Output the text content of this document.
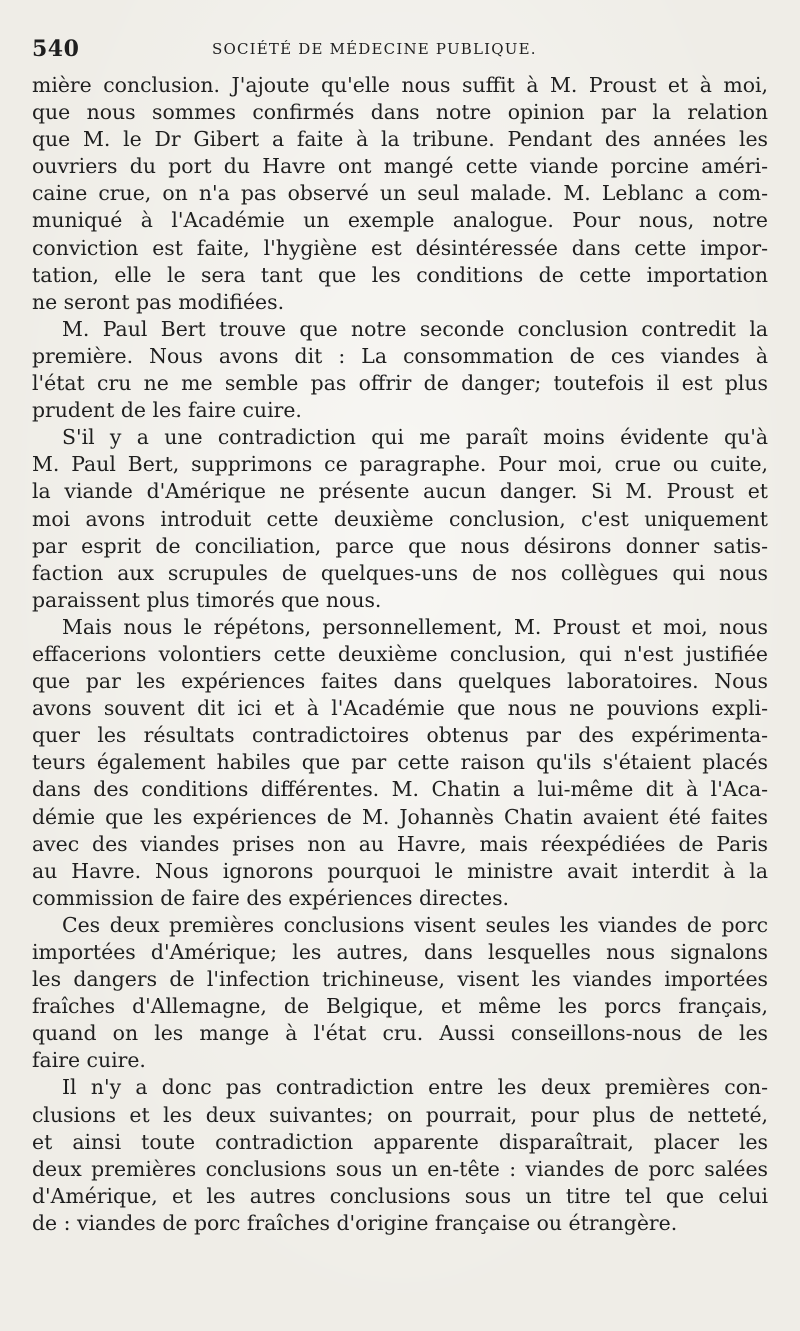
540	SOCIÉTÉ DE MÉDECINE PUBLIQUE.
mière conclusion. J'ajoute qu'elle nous suffit à M. Proust et à moi,
que nous sommes confirmés dans notre opinion par la relation
que M. le Dr Gibert a faite à la tribune. Pendant des années les
ouvriers du port du Havre ont mangé cette viande porcine améri-
caine crue, on n'a pas observé un seul malade. M. Leblanc a com-
muniqué à l'Académie un exemple analogue. Pour nous, notre
conviction est faite, l'hygiène est désintéressée dans cette impor-
tation, elle le sera tant que les conditions de cette importation
ne seront pas modifiées.
M. Paul Bert trouve que notre seconde conclusion contredit la
première. Nous avons dit : La consommation de ces viandes à
l'état cru ne me semble pas offrir de danger; toutefois il est plus
prudent de les faire cuire.
S'il y a une contradiction qui me paraît moins évidente qu'à
M. Paul Bert, supprimons ce paragraphe. Pour moi, crue ou cuite,
la viande d'Amérique ne présente aucun danger. Si M. Proust et
moi avons introduit cette deuxième conclusion, c'est uniquement
par esprit de conciliation, parce que nous désirons donner satis-
faction aux scrupules de quelques-uns de nos collègues qui nous
paraissent plus timorés que nous.
Mais nous le répétons, personnellement, M. Proust et moi, nous
effacerions volontiers cette deuxième conclusion, qui n'est justifiée
que par les expériences faites dans quelques laboratoires. Nous
avons souvent dit ici et à l'Académie que nous ne pouvions expli-
quer les résultats contradictoires obtenus par des expérimenta-
teurs également habiles que par cette raison qu'ils s'étaient placés
dans des conditions différentes. M. Chatin a lui-même dit à l'Aca-
démie que les expériences de M. Johannès Chatin avaient été faites
avec des viandes prises non au Havre, mais réexpédiées de Paris
au Havre. Nous ignorons pourquoi le ministre avait interdit à la
commission de faire des expériences directes.
Ces deux premières conclusions visent seules les viandes de porc
importées d'Amérique; les autres, dans lesquelles nous signalons
les dangers de l'infection trichineuse, visent les viandes importées
fraîches d'Allemagne, de Belgique, et même les porcs français,
quand on les mange à l'état cru. Aussi conseillons-nous de les
faire cuire.
Il n'y a donc pas contradiction entre les deux premières con-
clusions et les deux suivantes; on pourrait, pour plus de netteté,
et ainsi toute contradiction apparente disparaîtrait, placer les
deux premières conclusions sous un en-tête : viandes de porc salées
d'Amérique, et les autres conclusions sous un titre tel que celui
de : viandes de porc fraîches d'origine française ou étrangère.
